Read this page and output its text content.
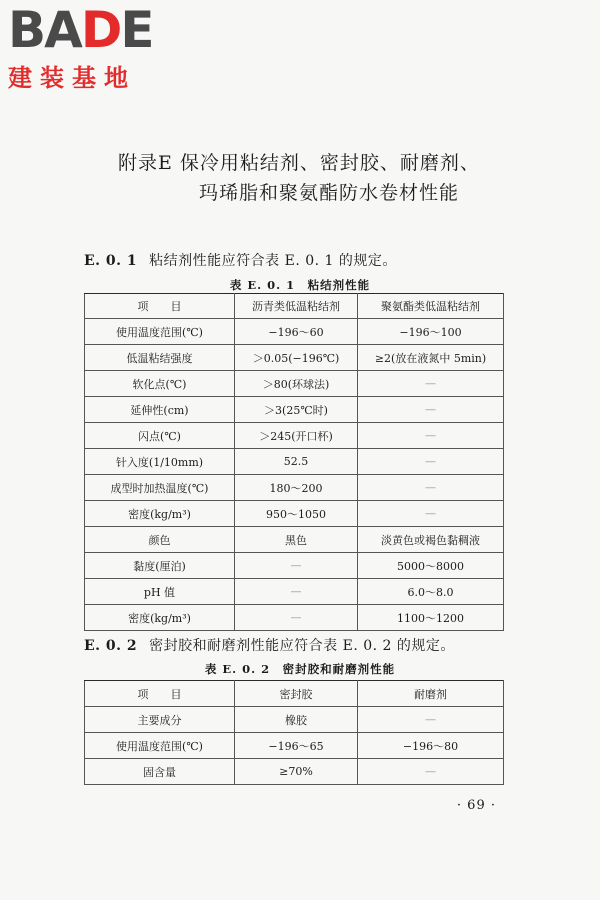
BADE
建装基地
附录E 保冷用粘结剂、密封胶、耐磨剂、
玛琋脂和聚氨酯防水卷材性能
E. 0. 1 粘结剂性能应符合表 E. 0. 1 的规定。
表 E. 0. 1　粘结剂性能
项　　目	沥青类低温粘结剂	聚氨酯类低温粘结剂
使用温度范围(℃)	−196～60	−196～100
低温粘结强度	＞0.05(−196℃)	≥2(放在液氮中 5min)
软化点(℃)	＞80(环球法)	—
延伸性(cm)	＞3(25℃时)	—
闪点(℃)	＞245(开口杯)	—
针入度(1/10mm)	52.5	—
成型时加热温度(℃)	180～200	—
密度(kg/m³)	950～1050	—
颜色	黑色	淡黄色或褐色黏稠液
黏度(厘泊)	—	5000～8000
pH 值	—	6.0～8.0
密度(kg/m³)	—	1100～1200
E. 0. 2 密封胶和耐磨剂性能应符合表 E. 0. 2 的规定。
表 E. 0. 2　密封胶和耐磨剂性能
项　　目	密封胶	耐磨剂
主要成分	橡胶	—
使用温度范围(℃)	−196～65	−196～80
固含量	≥70%	—
· 69 ·
